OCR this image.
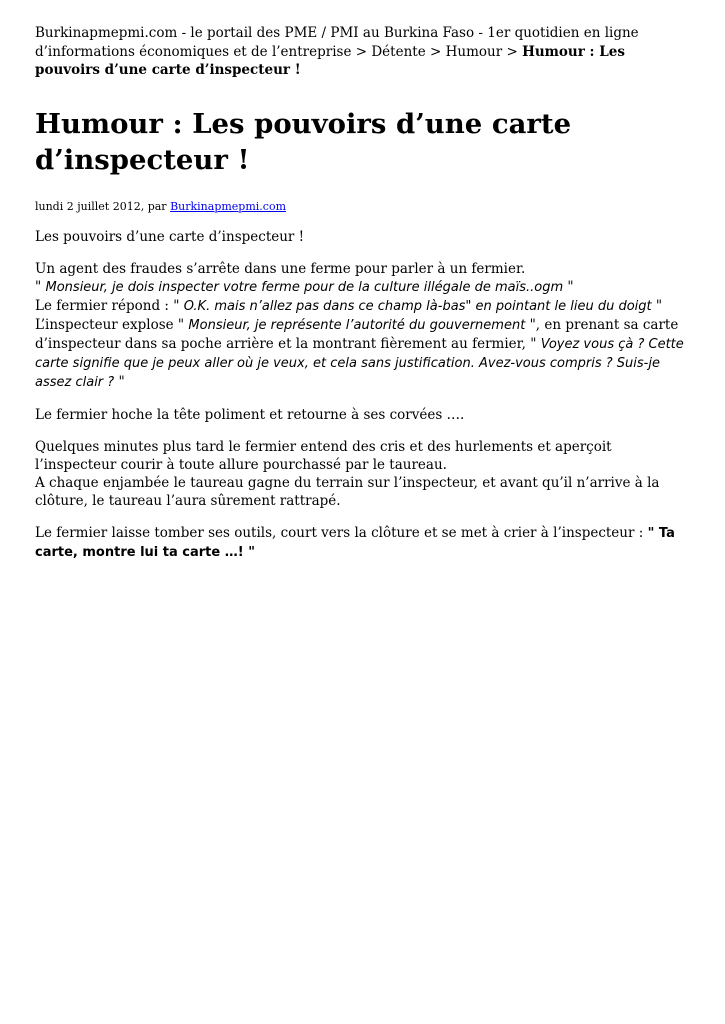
Burkinapmepmi.com - le portail des PME / PMI au Burkina Faso - 1er quotidien en ligne d’informations économiques et de l’entreprise > Détente > Humour > Humour : Les pouvoirs d’une carte d’inspecteur !
Humour : Les pouvoirs d’une carte d’inspecteur !
lundi 2 juillet 2012, par Burkinapmepmi.com

Les pouvoirs d’une carte d’inspecteur !

Un agent des fraudes s’arrête dans une ferme pour parler à un fermier.
" Monsieur, je dois inspecter votre ferme pour de la culture illégale de maïs..ogm "
Le fermier répond : " O.K. mais n’allez pas dans ce champ là-bas" en pointant le lieu du doigt "
L’inspecteur explose " Monsieur, je représente l’autorité du gouvernement ", en prenant sa carte d’inspecteur dans sa poche arrière et la montrant fièrement au fermier, " Voyez vous çà ? Cette carte signifie que je peux aller où je veux, et cela sans justification. Avez-vous compris ? Suis-je assez clair ? "

Le fermier hoche la tête poliment et retourne à ses corvées ….

Quelques minutes plus tard le fermier entend des cris et des hurlements et aperçoit l’inspecteur courir à toute allure pourchassé par le taureau.
A chaque enjambée le taureau gagne du terrain sur l’inspecteur, et avant qu’il n’arrive à la clôture, le taureau l’aura sûrement rattrapé.

Le fermier laisse tomber ses outils, court vers la clôture et se met à crier à l’inspecteur : " Ta carte, montre lui ta carte …! "
